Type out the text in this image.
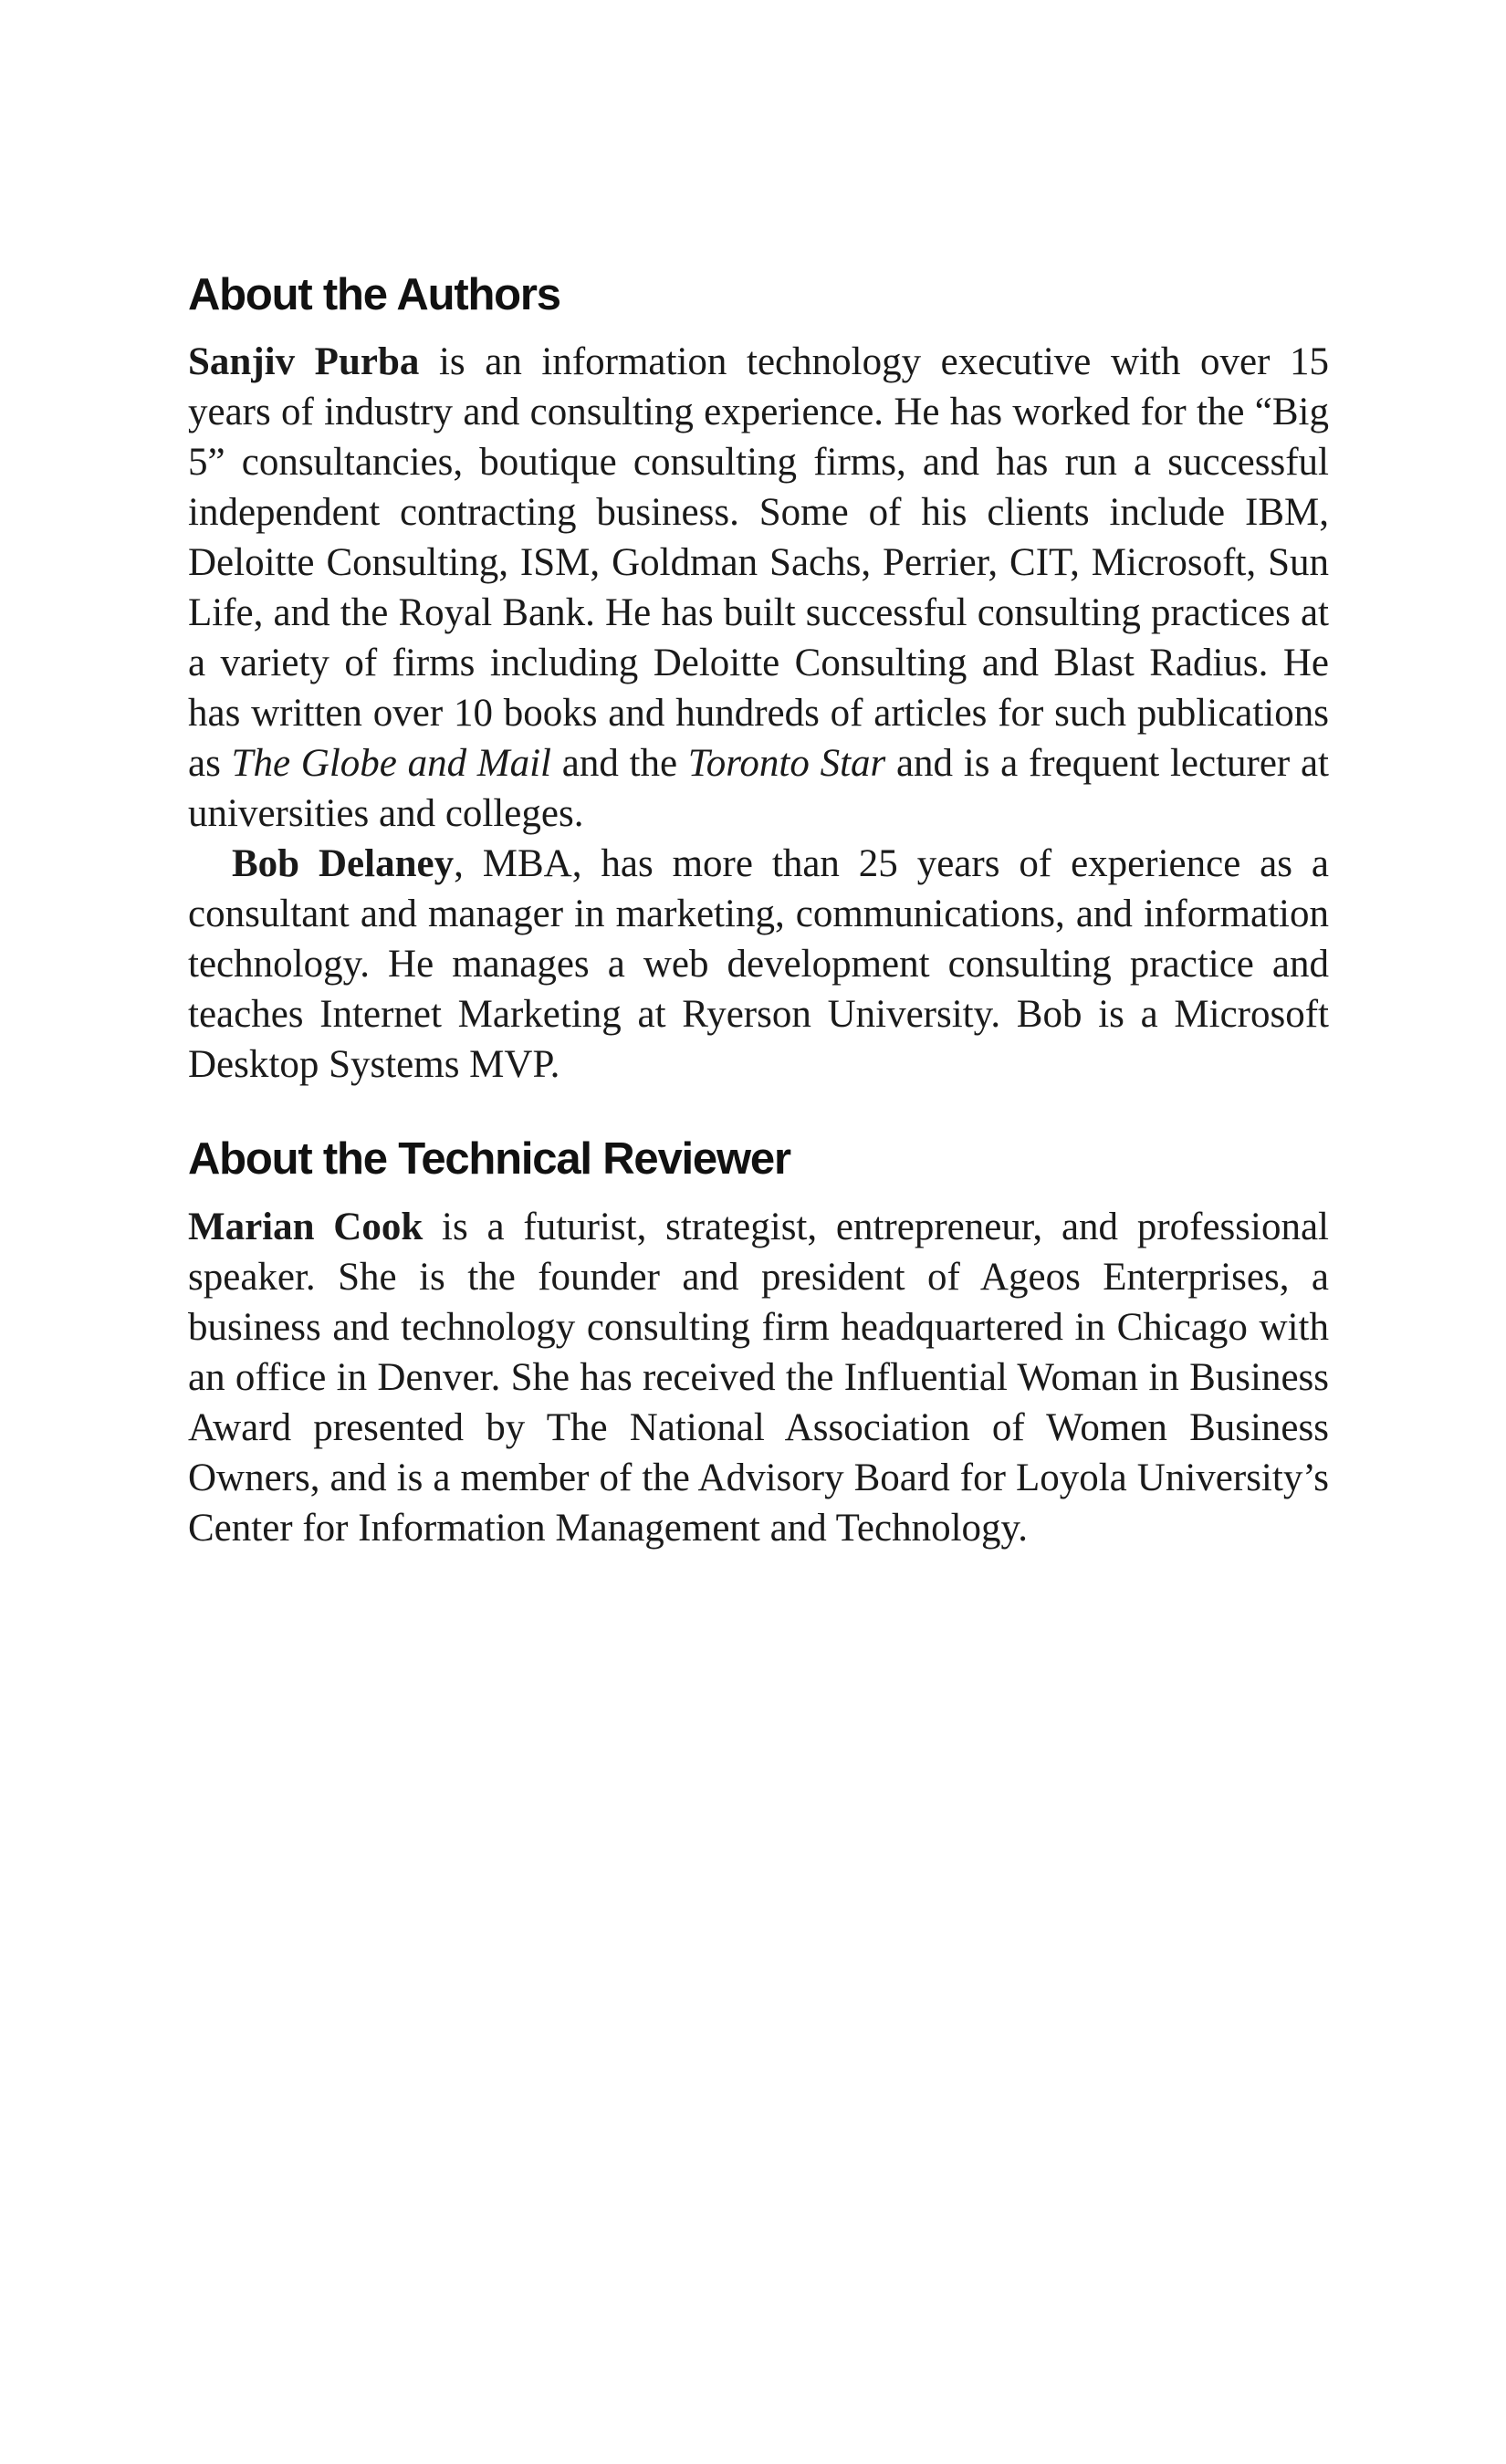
About the Authors

Sanjiv Purba is an information technology executive with over 15 years of industry and consulting experience. He has worked for the “Big 5” consultancies, boutique consulting firms, and has run a successful independent contracting business. Some of his clients include IBM, Deloitte Consulting, ISM, Goldman Sachs, Perrier, CIT, Microsoft, Sun Life, and the Royal Bank. He has built successful consulting practices at a variety of firms including Deloitte Consulting and Blast Radius. He has written over 10 books and hundreds of articles for such publications as The Globe and Mail and the Toronto Star and is a frequent lecturer at universities and colleges.

Bob Delaney, MBA, has more than 25 years of experience as a consultant and manager in marketing, communications, and information technology. He manages a web development consulting practice and teaches Internet Marketing at Ryerson University. Bob is a Microsoft Desktop Systems MVP.

About the Technical Reviewer

Marian Cook is a futurist, strategist, entrepreneur, and professional speaker. She is the founder and president of Ageos Enterprises, a business and technology consulting firm headquartered in Chicago with an office in Denver. She has received the Influential Woman in Business Award presented by The National Association of Women Business Owners, and is a member of the Advisory Board for Loyola University’s Center for Information Management and Technology.
